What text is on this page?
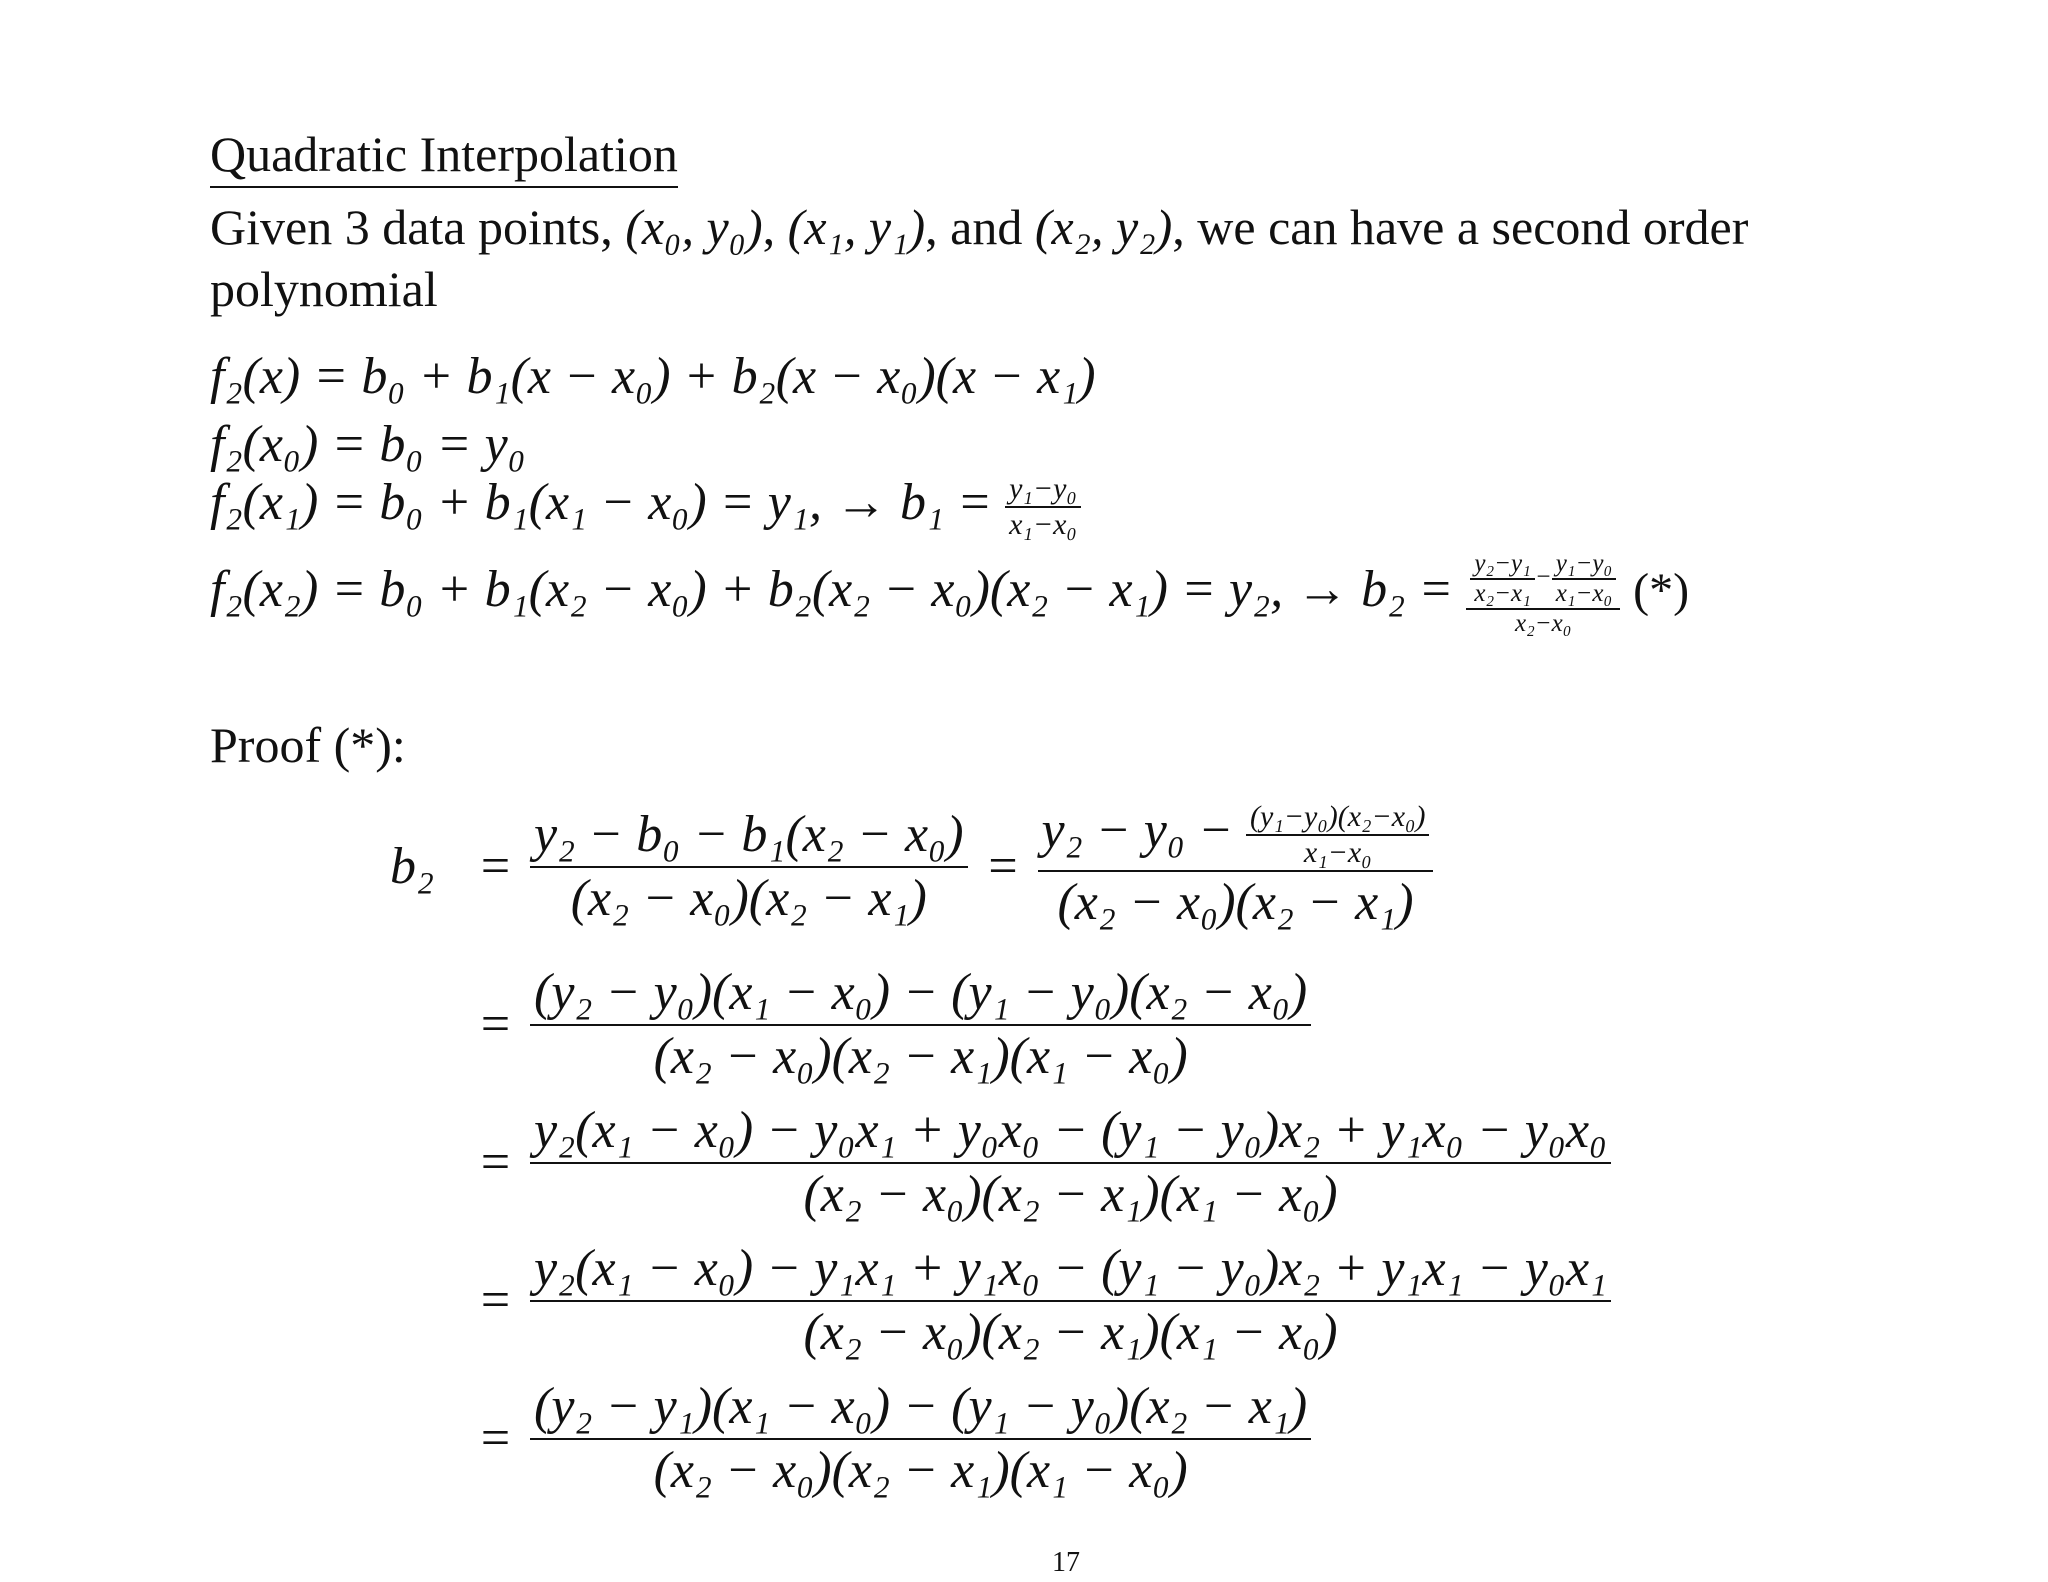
Quadratic Interpolation
Given 3 data points, (x₀, y₀), (x₁, y₁), and (x₂, y₂), we can have a second order polynomial
f₂(x) = b₀ + b₁(x − x₀) + b₂(x − x₀)(x − x₁)
f₂(x₀) = b₀ = y₀
f₂(x₁) = b₀ + b₁(x₁ − x₀) = y₁, → $b_1 = \frac{\text{y₁−y₀}}{\text{x₁−x₀}}$
f₂(x₂) = b₀ + b₁(x₂ − x₀) + b₂(x₂ − x₀)(x₂ − x₁) = y₂, → $b_2 = \frac{\frac{\text{y₂−y₁}}{\text{x₂−x₁}} - \frac{\text{y₁−y₀}}{\text{x₁−x₀}}}{\text{x₂−x₀}}$ (*)
Proof (*):
$b_2 = \frac{\text{y₂ − b₀ − b₁(x₂ − x₀)}}{\text{(x₂ − x₀)(x₂ − x₁)}} = \frac{y_2 - y_0 - \frac{\text{(y₁−y₀)(x₂−x₀)}}{\text{x₁−x₀}}}{\text{(x₂ − x₀)(x₂ − x₁)}}$
= $\frac{\text{(y₂ − y₀)(x₁ − x₀) − (y₁ − y₀)(x₂ − x₀)}}{\text{(x₂ − x₀)(x₂ − x₁)(x₁ − x₀)}}$
= $\frac{\text{y₂(x₁ − x₀) − y₀x₁ + y₀x₀ − (y₁ − y₀)x₂ + y₁x₀ − y₀x₀}}{\text{(x₂ − x₀)(x₂ − x₁)(x₁ − x₀)}}$
= $\frac{\text{y₂(x₁ − x₀) − y₁x₁ + y₁x₀ − (y₁ − y₀)x₂ + y₁x₁ − y₀x₁}}{\text{(x₂ − x₀)(x₂ − x₁)(x₁ − x₀)}}$
= $\frac{\text{(y₂ − y₁)(x₁ − x₀) − (y₁ − y₀)(x₂ − x₁)}}{\text{(x₂ − x₀)(x₂ − x₁)(x₁ − x₀)}}$
17
